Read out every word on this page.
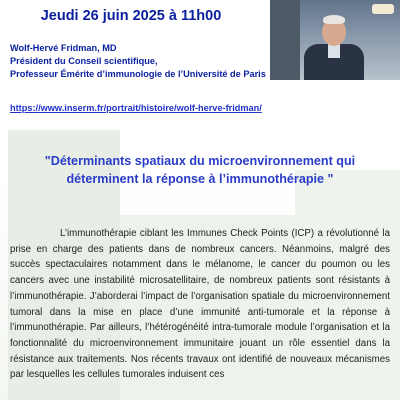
Jeudi 26 juin 2025 à 11h00
Wolf-Hervé Fridman, MD
Président du Conseil scientifique,
Professeur Émérite d’immunologie de l’Université de Paris
https://www.inserm.fr/portrait/histoire/wolf-herve-fridman/
"Déterminants spatiaux du microenvironnement qui déterminent la réponse à l’immunothérapie "

L’immunothérapie ciblant les Immunes Check Points (ICP) a révolutionné la prise en charge des patients dans de nombreux cancers. Néanmoins, malgré des succès spectaculaires notamment dans le mélanome, le cancer du poumon ou les cancers avec une instabilité microsatellitaire, de nombreux patients sont résistants à l’immunothérapie. J’aborderai l’impact de l’organisation spatiale du microenvironnement tumoral dans la mise en place d’une immunité anti-tumorale et la réponse à l’immunothérapie. Par ailleurs, l’hétérogénéité intra-tumorale module l’organisation et la fonctionnalité du microenvironnement immunitaire jouant un rôle essentiel dans la résistance aux traitements. Nos récents travaux ont identifié de nouveaux mécanismes par lesquelles les cellules tumorales induisent ces
